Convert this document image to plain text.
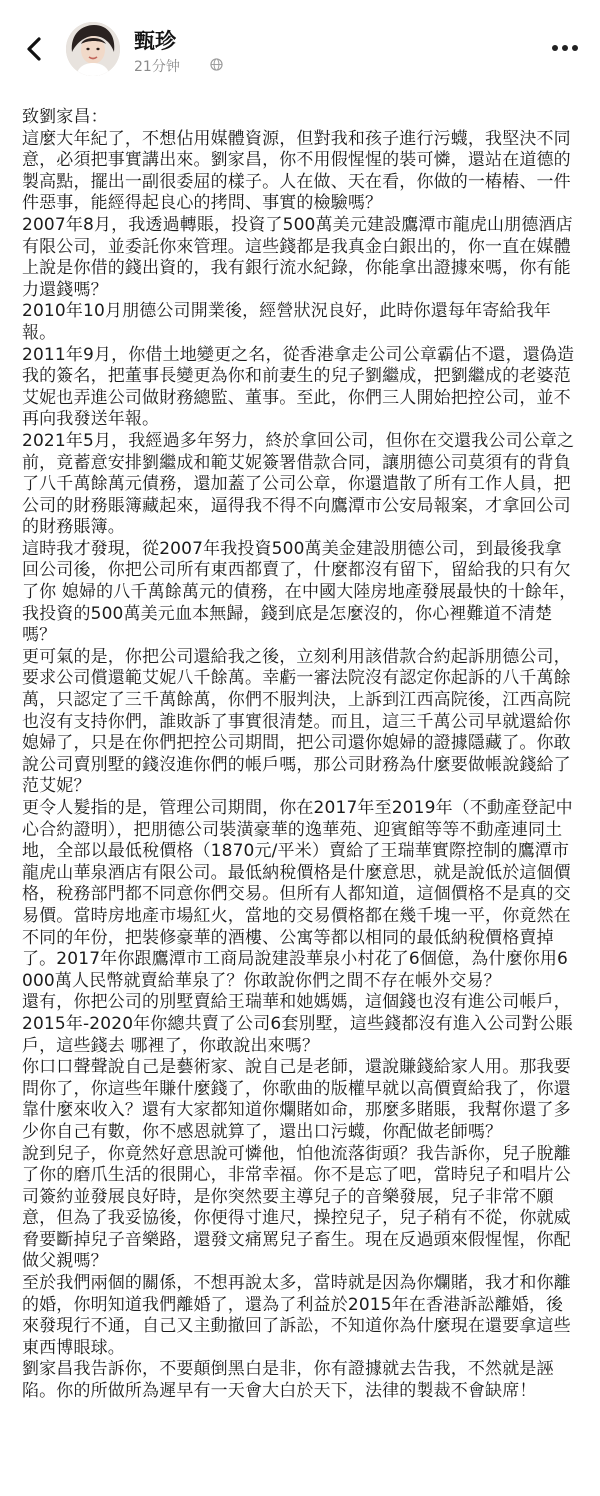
甄珍
21分钟

致劉家昌：

這麼大年紀了，不想佔用媒體資源，但對我和孩子進行污蠛，我堅決不同意，必須把事實講出來。劉家昌，你不用假惺惺的裝可憐，還站在道德的製高點，擺出一副很委屈的樣子。人在做、天在看，你做的一樁樁、一件件惡事，能經得起良心的拷問、事實的檢驗嗎？

2007年8月，我透過轉賬，投資了500萬美元建設鷹潭市龍虎山朋德酒店有限公司，並委託你來管理。這些錢都是我真金白銀出的，你一直在媒體上說是你借的錢出資的，我有銀行流水紀錄，你能拿出證據來嗎，你有能力還錢嗎？

2010年10月朋德公司開業後，經營狀況良好，此時你還每年寄給我年報。

2011年9月，你借土地變更之名，從香港拿走公司公章霸佔不還，還偽造我的簽名，把董事長變更為你和前妻生的兒子劉繼成，把劉繼成的老婆范艾妮也弄進公司做財務總監、董事。至此，你們三人開始把控公司，並不再向我發送年報。

2021年5月，我經過多年努力，終於拿回公司，但你在交還我公司公章之前，竟蓄意安排劉繼成和範艾妮簽署借款合同，讓朋德公司莫須有的背負了八千萬餘萬元債務，還加蓋了公司公章，你還遣散了所有工作人員，把公司的財務賬簿藏起來，逼得我不得不向鷹潭市公安局報案，才拿回公司的財務賬簿。

這時我才發現，從2007年我投資500萬美金建設朋德公司，到最後我拿回公司後，你把公司所有東西都賣了，什麼都沒有留下，留給我的只有欠了你 媳婦的八千萬餘萬元的債務，在中國大陸房地產發展最快的十餘年，我投資的500萬美元血本無歸，錢到底是怎麼沒的，你心裡難道不清楚嗎？

更可氣的是，你把公司還給我之後，立刻利用該借款合約起訴朋德公司，要求公司償還範艾妮八千餘萬。幸虧一審法院沒有認定你起訴的八千萬餘萬，只認定了三千萬餘萬，你們不服判決，上訴到江西高院後，江西高院也沒有支持你們，誰敗訴了事實很清楚。而且，這三千萬公司早就還給你媳婦了，只是在你們把控公司期間，把公司還你媳婦的證據隱藏了。你敢說公司賣別墅的錢沒進你們的帳戶嗎，那公司財務為什麼要做帳說錢給了范艾妮？

更令人髮指的是，管理公司期間，你在2017年至2019年（不動產登記中心合約證明），把朋德公司裝潢豪華的逸華苑、迎賓館等等不動產連同土地，全部以最低稅價格（1870元/平米）賣給了王瑞華實際控制的鷹潭市龍虎山華泉酒店有限公司。最低納稅價格是什麼意思，就是說低於這個價格，稅務部門都不同意你們交易。但所有人都知道，這個價格不是真的交易價。當時房地產市場紅火，當地的交易價格都在幾千塊一平，你竟然在不同的年份，把裝修豪華的酒樓、公寓等都以相同的最低納稅價格賣掉了。2017年你跟鷹潭市工商局說建設華泉小村花了6個億，為什麼你用6000萬人民幣就賣給華泉了？你敢說你們之間不存在帳外交易？

還有，你把公司的別墅賣給王瑞華和她媽媽，這個錢也沒有進公司帳戶，2015年-2020年你總共賣了公司6套別墅，這些錢都沒有進入公司對公賬戶，這些錢去 哪裡了，你敢說出來嗎？

你口口聲聲說自己是藝術家、說自己是老師，還說賺錢給家人用。那我要問你了，你這些年賺什麼錢了，你歌曲的版權早就以高價賣給我了，你還靠什麼來收入？還有大家都知道你爛賭如命，那麼多賭賬，我幫你還了多少你自己有數，你不感恩就算了，還出口污蠛，你配做老師嗎？

說到兒子，你竟然好意思說可憐他，怕他流落街頭？我告訴你，兒子脫離了你的磨爪生活的很開心，非常幸福。你不是忘了吧，當時兒子和唱片公司簽約並發展良好時，是你突然要主導兒子的音樂發展，兒子非常不願意，但為了我妥協後，你便得寸進尺，操控兒子，兒子稍有不從，你就威脅要斷掉兒子音樂路，還發文痛罵兒子畜生。現在反過頭來假惺惺，你配做父親嗎？

至於我們兩個的關係，不想再說太多，當時就是因為你爛賭，我才和你離的婚，你明知道我們離婚了，還為了利益於2015年在香港訴訟離婚，後來發現行不通，自己又主動撤回了訴訟，不知道你為什麼現在還要拿這些東西博眼球。

劉家昌我告訴你，不要顛倒黑白是非，你有證據就去告我，不然就是誣陷。你的所做所為遲早有一天會大白於天下，法律的製裁不會缺席！
